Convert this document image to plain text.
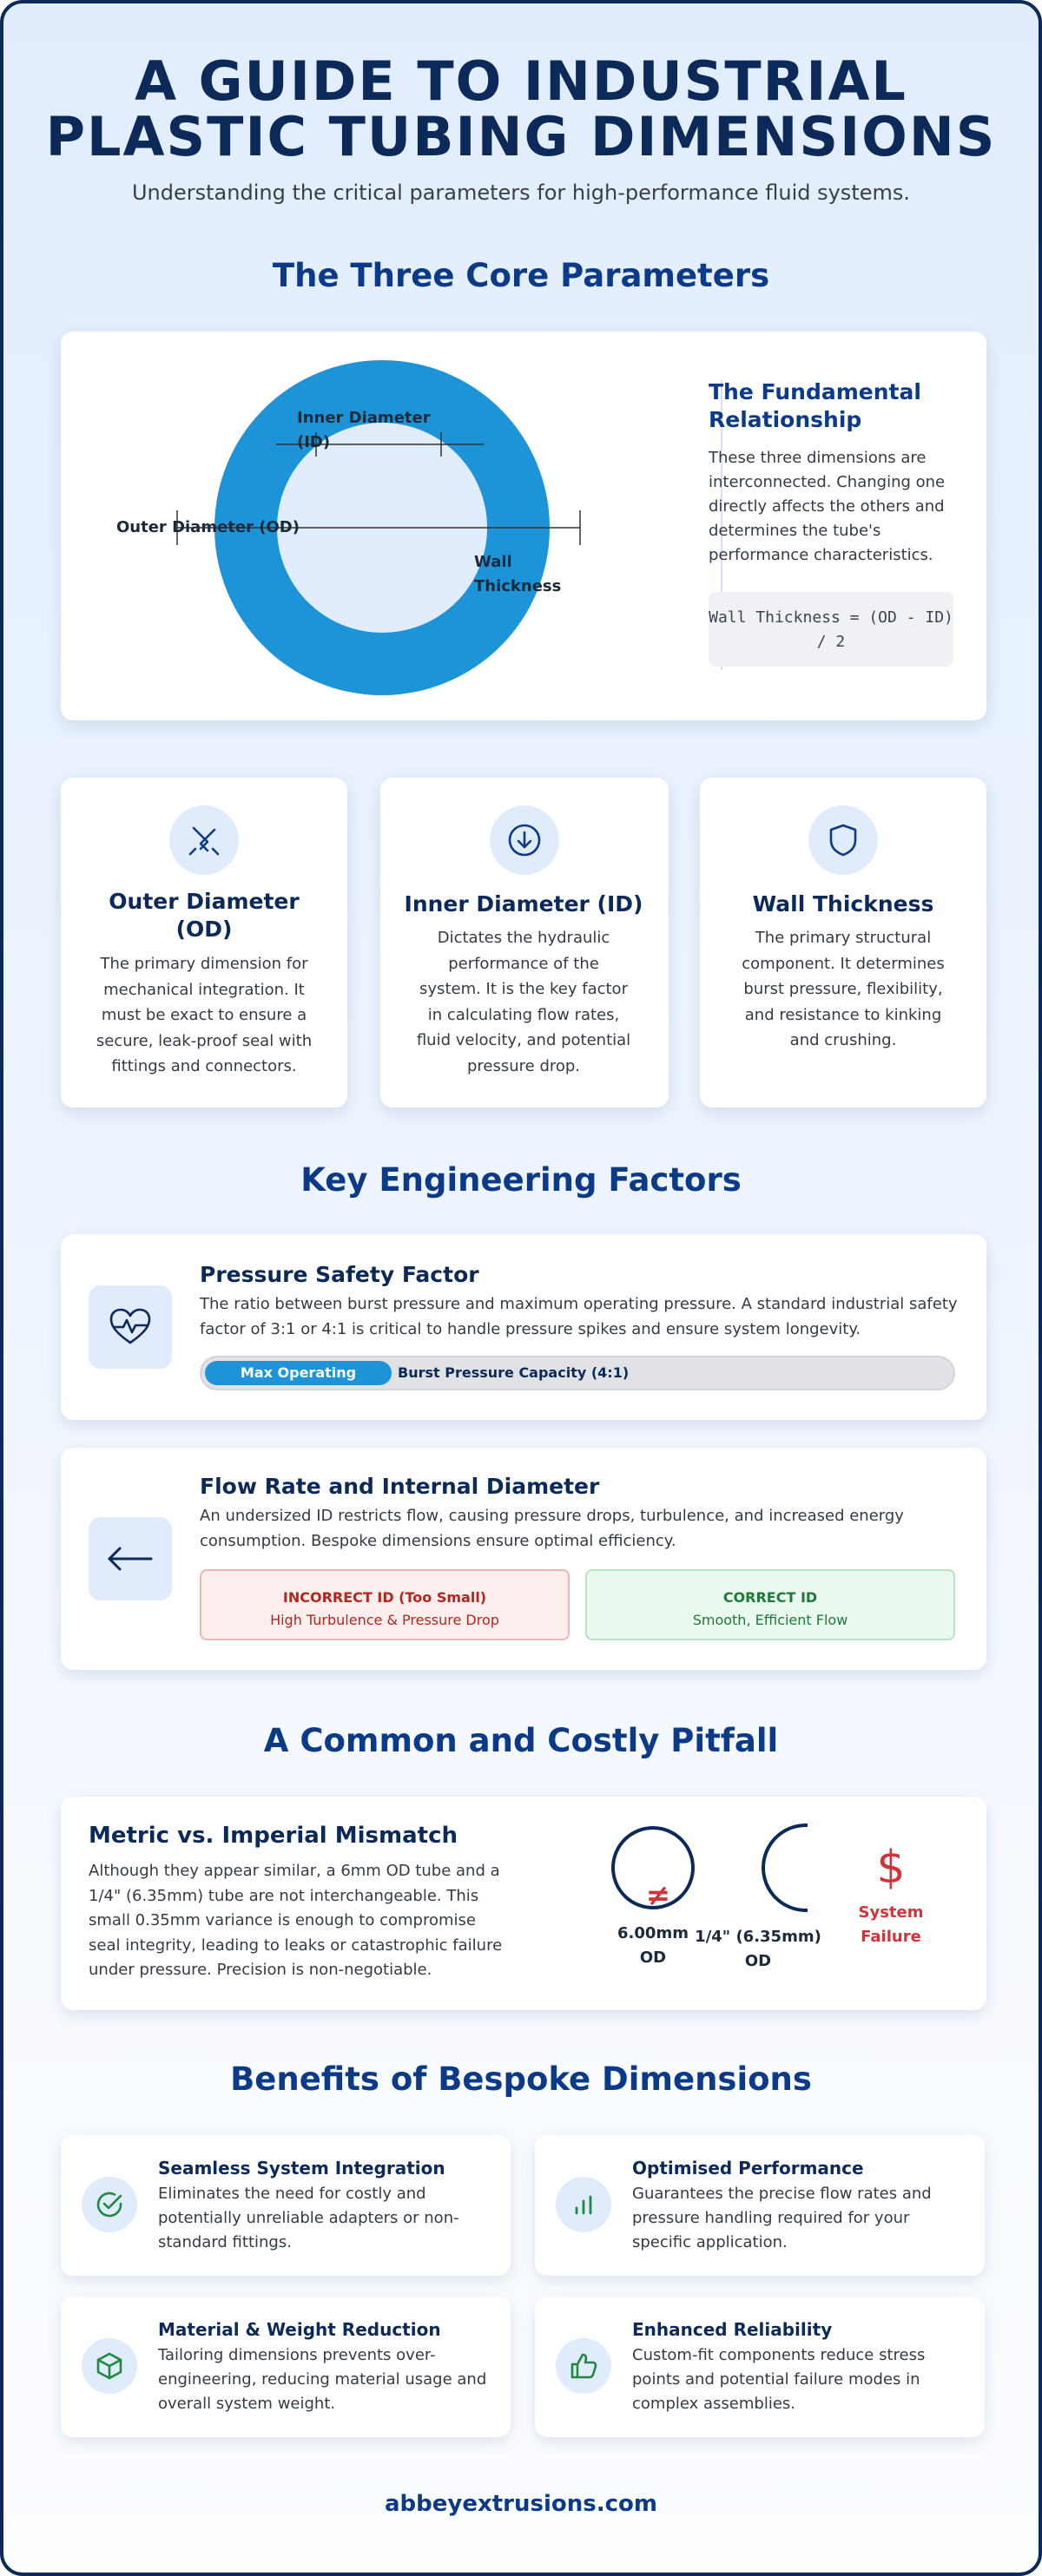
A GUIDE TO INDUSTRIAL
PLASTIC TUBING DIMENSIONS
Understanding the critical parameters for high-performance fluid systems.
The Three Core Parameters
Inner Diameter
(ID)
Outer Diameter (OD)
Wall
Thickness
The Fundamental Relationship
These three dimensions are interconnected. Changing one directly affects the others and determines the tube's performance characteristics.
Wall Thickness = (OD - ID) / 2
Outer Diameter (OD)
The primary dimension for mechanical integration. It must be exact to ensure a secure, leak-proof seal with fittings and connectors.
Inner Diameter (ID)
Dictates the hydraulic performance of the system. It is the key factor in calculating flow rates, fluid velocity, and potential pressure drop.
Wall Thickness
The primary structural component. It determines burst pressure, flexibility, and resistance to kinking and crushing.
Key Engineering Factors
Pressure Safety Factor
The ratio between burst pressure and maximum operating pressure. A standard industrial safety factor of 3:1 or 4:1 is critical to handle pressure spikes and ensure system longevity.
Max Operating	Burst Pressure Capacity (4:1)
Flow Rate and Internal Diameter
An undersized ID restricts flow, causing pressure drops, turbulence, and increased energy consumption. Bespoke dimensions ensure optimal efficiency.
INCORRECT ID (Too Small)
High Turbulence & Pressure Drop
CORRECT ID
Smooth, Efficient Flow
A Common and Costly Pitfall
Metric vs. Imperial Mismatch
Although they appear similar, a 6mm OD tube and a 1/4" (6.35mm) tube are not interchangeable. This small 0.35mm variance is enough to compromise seal integrity, leading to leaks or catastrophic failure under pressure. Precision is non-negotiable.
6.00mm
OD
≠
1/4" (6.35mm)
OD
$
System
Failure
Benefits of Bespoke Dimensions
Seamless System Integration
Eliminates the need for costly and potentially unreliable adapters or non-standard fittings.
Optimised Performance
Guarantees the precise flow rates and pressure handling required for your specific application.
Material & Weight Reduction
Tailoring dimensions prevents over-engineering, reducing material usage and overall system weight.
Enhanced Reliability
Custom-fit components reduce stress points and potential failure modes in complex assemblies.
abbeyextrusions.com
